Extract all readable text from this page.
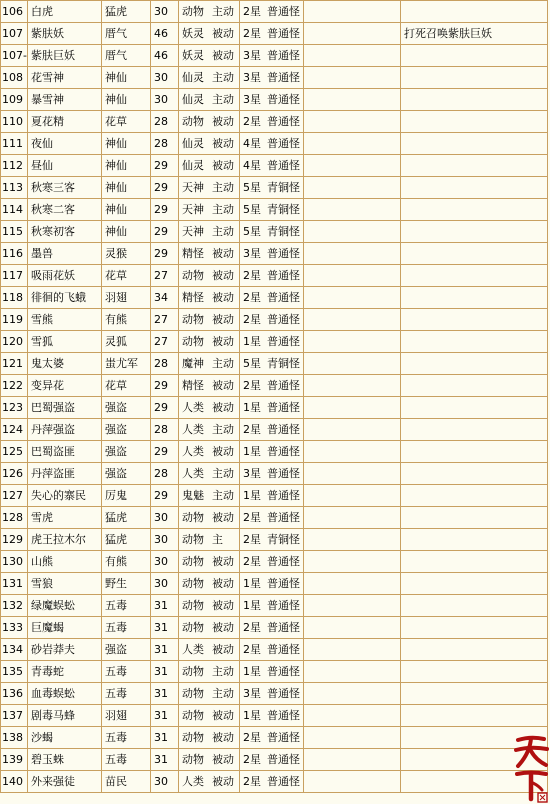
106	白虎	猛虎	30	动物 主动	2星 普通怪		
107	紫肤妖	厝气	46	妖灵 被动	2星 普通怪		打死召唤紫肤巨妖
107-	紫肤巨妖	厝气	46	妖灵 被动	3星 普通怪		
108	花雪神	神仙	30	仙灵 主动	3星 普通怪		
109	暴雪神	神仙	30	仙灵 主动	3星 普通怪		
110	夏花精	花草	28	动物 被动	2星 普通怪		
111	夜仙	神仙	28	仙灵 被动	4星 普通怪		
112	昼仙	神仙	29	仙灵 被动	4星 普通怪		
113	秋寒三客	神仙	29	天神 主动	5星 青铜怪		
114	秋寒二客	神仙	29	天神 主动	5星 青铜怪		
115	秋寒初客	神仙	29	天神 主动	5星 青铜怪		
116	墨兽	灵猴	29	精怪 被动	3星 普通怪		
117	吸雨花妖	花草	27	动物 被动	2星 普通怪		
118	徘徊的飞蛾	羽翅	34	精怪 被动	2星 普通怪		
119	雪熊	有熊	27	动物 被动	2星 普通怪		
120	雪狐	灵狐	27	动物 被动	1星 普通怪		
121	鬼太婆	蚩尤军	28	魔神 主动	5星 青铜怪		
122	变异花	花草	29	精怪 被动	2星 普通怪		
123	巴蜀强盗	强盗	29	人类 被动	1星 普通怪		
124	丹萍强盗	强盗	28	人类 主动	2星 普通怪		
125	巴蜀盗匪	强盗	29	人类 被动	1星 普通怪		
126	丹萍盗匪	强盗	28	人类 主动	3星 普通怪		
127	失心的寨民	厉鬼	29	鬼魅 主动	1星 普通怪		
128	雪虎	猛虎	30	动物 被动	2星 普通怪		
129	虎王拉木尔	猛虎	30	动物 主	2星 青铜怪		
130	山熊	有熊	30	动物 被动	2星 普通怪		
131	雪狼	野生	30	动物 被动	1星 普通怪		
132	绿魔蜈蚣	五毒	31	动物 被动	1星 普通怪		
133	巨魔蝎	五毒	31	动物 被动	2星 普通怪		
134	砂岩莽夫	强盗	31	人类 被动	2星 普通怪		
135	青毒蛇	五毒	31	动物 主动	1星 普通怪		
136	血毒蜈蚣	五毒	31	动物 主动	3星 普通怪		
137	剧毒马蜂	羽翅	31	动物 被动	1星 普通怪		
138	沙蝎	五毒	31	动物 被动	2星 普通怪		
139	碧玉蛛	五毒	31	动物 被动	2星 普通怪		
140	外来强徒	苗民	30	人类 被动	2星 普通怪		
